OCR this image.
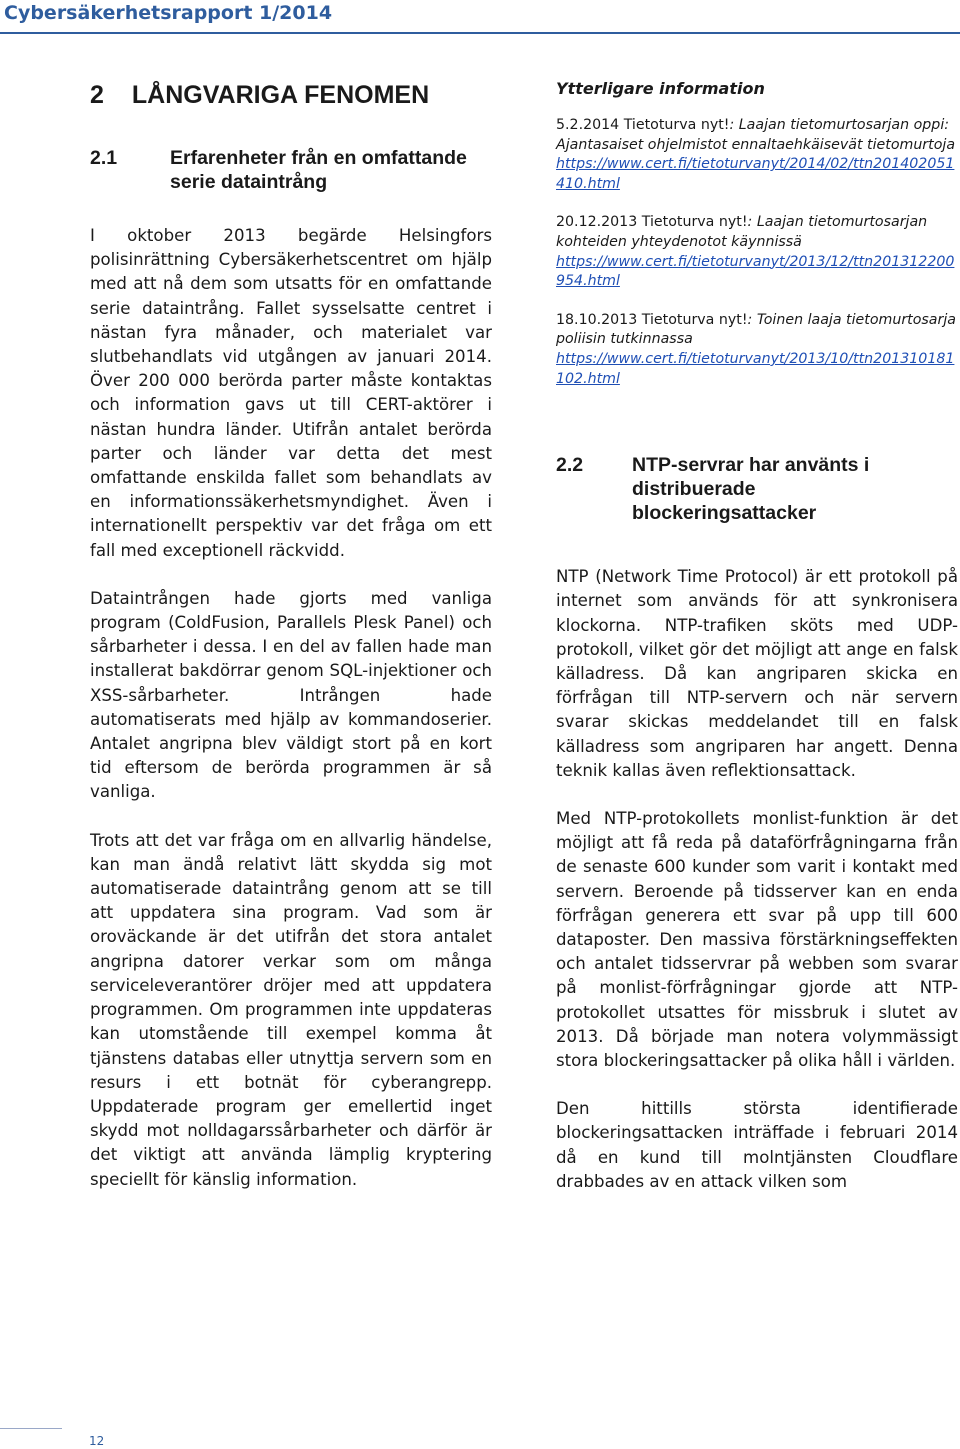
Cybersäkerhetsrapport 1/2014
2 LÅNGVARIGA FENOMEN
2.1	Erfarenheter från en omfattande serie dataintrång

I oktober 2013 begärde Helsingfors polisinrättning Cybersäkerhetscentret om hjälp med att nå dem som utsatts för en omfattande serie dataintrång. Fallet sysselsatte centret i nästan fyra månader, och materialet var slutbehandlats vid utgången av januari 2014. Över 200 000 berörda parter måste kontaktas och information gavs ut till CERT-aktörer i nästan hundra länder. Utifrån antalet berörda parter och länder var detta det mest omfattande enskilda fallet som behandlats av en informationssäkerhetsmyndighet. Även i internationellt perspektiv var det fråga om ett fall med exceptionell räckvidd.

Dataintrången hade gjorts med vanliga program (ColdFusion, Parallels Plesk Panel) och sårbarheter i dessa. I en del av fallen hade man installerat bakdörrar genom SQL-injektioner och XSS-sårbarheter. Intrången hade automatiserats med hjälp av kommandoserier. Antalet angripna blev väldigt stort på en kort tid eftersom de berörda programmen är så vanliga.

Trots att det var fråga om en allvarlig händelse, kan man ändå relativt lätt skydda sig mot automatiserade dataintrång genom att se till att uppdatera sina program. Vad som är oroväckande är det utifrån det stora antalet angripna datorer verkar som om många serviceleverantörer dröjer med att uppdatera programmen. Om programmen inte uppdateras kan utomstående till exempel komma åt tjänstens databas eller utnyttja servern som en resurs i ett botnät för cyberangrepp. Uppdaterade program ger emellertid inget skydd mot nolldagarssårbarheter och därför är det viktigt att använda lämplig kryptering speciellt för känslig information.

Ytterligare information

5.2.2014 Tietoturva nyt!: Laajan tietomurtosarjan oppi: Ajantasaiset ohjelmistot ennaltaehkäisevät tietomurtoja
https://www.cert.fi/tietoturvanyt/2014/02/ttn201402051410.html

20.12.2013 Tietoturva nyt!: Laajan tietomurtosarjan kohteiden yhteydenotot käynnissä
https://www.cert.fi/tietoturvanyt/2013/12/ttn201312200954.html

18.10.2013 Tietoturva nyt!: Toinen laaja tietomurtosarja poliisin tutkinnassa
https://www.cert.fi/tietoturvanyt/2013/10/ttn201310181102.html

2.2	NTP-servrar har använts i distribuerade blockeringsattacker

NTP (Network Time Protocol) är ett protokoll på internet som används för att synkronisera klockorna. NTP-trafiken sköts med UDP-protokoll, vilket gör det möjligt att ange en falsk källadress. Då kan angriparen skicka en förfrågan till NTP-servern och när servern svarar skickas meddelandet till en falsk källadress som angriparen har angett. Denna teknik kallas även reflektionsattack.

Med NTP-protokollets monlist-funktion är det möjligt att få reda på dataförfrågningarna från de senaste 600 kunder som varit i kontakt med servern. Beroende på tidsserver kan en enda förfrågan generera ett svar på upp till 600 dataposter. Den massiva förstärkningseffekten och antalet tidsservrar på webben som svarar på monlist-förfrågningar gjorde att NTP-protokollet utsattes för missbruk i slutet av 2013. Då började man notera volymmässigt stora blockeringsattacker på olika håll i världen.

Den hittills största identifierade blockeringsattacken inträffade i februari 2014 då en kund till molntjänsten Cloudflare drabbades av en attack vilken som

12
